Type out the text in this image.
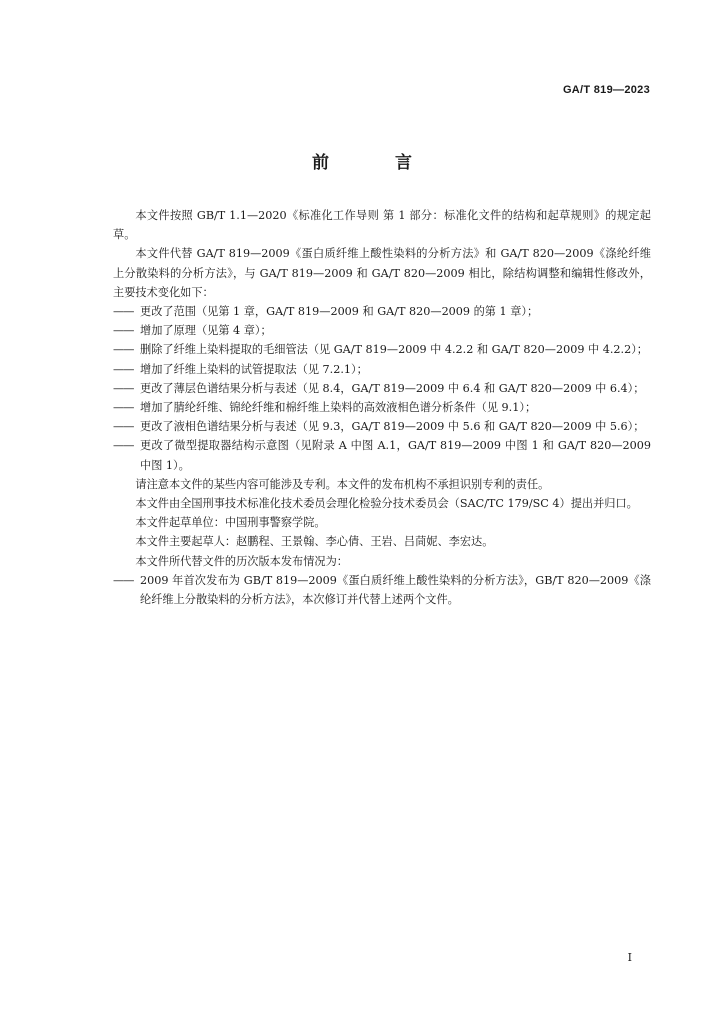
GA/T 819—2023
前 言

本文件按照 GB/T 1.1—2020《标准化工作导则 第 1 部分：标准化文件的结构和起草规则》的规定起草。

本文件代替 GA/T 819—2009《蛋白质纤维上酸性染料的分析方法》和 GA/T 820—2009《涤纶纤维上分散染料的分析方法》，与 GA/T 819—2009 和 GA/T 820—2009 相比，除结构调整和编辑性修改外，主要技术变化如下：

—— 更改了范围（见第 1 章，GA/T 819—2009 和 GA/T 820—2009 的第 1 章）；

—— 增加了原理（见第 4 章）；

—— 删除了纤维上染料提取的毛细管法（见 GA/T 819—2009 中 4.2.2 和 GA/T 820—2009 中 4.2.2）；

—— 增加了纤维上染料的试管提取法（见 7.2.1）；

—— 更改了薄层色谱结果分析与表述（见 8.4，GA/T 819—2009 中 6.4 和 GA/T 820—2009 中 6.4）；

—— 增加了腈纶纤维、锦纶纤维和棉纤维上染料的高效液相色谱分析条件（见 9.1）；

—— 更改了液相色谱结果分析与表述（见 9.3，GA/T 819—2009 中 5.6 和 GA/T 820—2009 中 5.6）；

—— 更改了微型提取器结构示意图（见附录 A 中图 A.1，GA/T 819—2009 中图 1 和 GA/T 820—2009 中图 1）。

请注意本文件的某些内容可能涉及专利。本文件的发布机构不承担识别专利的责任。

本文件由全国刑事技术标准化技术委员会理化检验分技术委员会（SAC/TC 179/SC 4）提出并归口。

本文件起草单位：中国刑事警察学院。

本文件主要起草人：赵鹏程、王景翰、李心倩、王岩、吕茼妮、李宏达。

本文件所代替文件的历次版本发布情况为：

—— 2009 年首次发布为 GB/T 819—2009《蛋白质纤维上酸性染料的分析方法》，GB/T 820—2009《涤纶纤维上分散染料的分析方法》，本次修订并代替上述两个文件。

I
